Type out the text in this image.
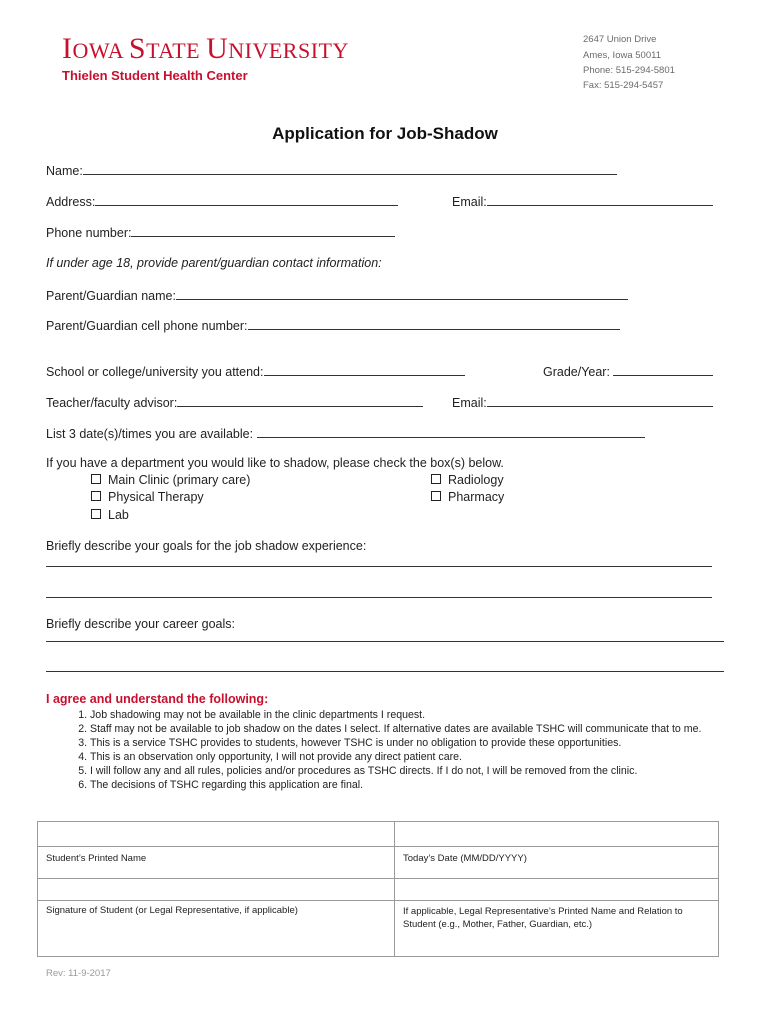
IOWA STATE UNIVERSITY
Thielen Student Health Center
2647 Union Drive
Ames, Iowa 50011
Phone: 515-294-5801
Fax: 515-294-5457
Application for Job-Shadow
Name:
Address:	Email:
Phone number:
If under age 18, provide parent/guardian contact information:
Parent/Guardian name:
Parent/Guardian cell phone number:
School or college/university you attend:	Grade/Year:
Teacher/faculty advisor:	Email:
List 3 date(s)/times you are available:
If you have a department you would like to shadow, please check the box(s) below.
Main Clinic (primary care)
Physical Therapy
Lab
Radiology
Pharmacy
Briefly describe your goals for the job shadow experience:
Briefly describe your career goals:
I agree and understand the following:
1. Job shadowing may not be available in the clinic departments I request.
2. Staff may not be available to job shadow on the dates I select. If alternative dates are available TSHC will communicate that to me.
3. This is a service TSHC provides to students, however TSHC is under no obligation to provide these opportunities.
4. This is an observation only opportunity, I will not provide any direct patient care.
5. I will follow any and all rules, policies and/or procedures as TSHC directs. If I do not, I will be removed from the clinic.
6. The decisions of TSHC regarding this application are final.

Student’s Printed Name	Today’s Date (MM/DD/YYYY)

Signature of Student (or Legal Representative, if applicable)	If applicable, Legal Representative’s Printed Name and Relation to Student (e.g., Mother, Father, Guardian, etc.)
Rev: 11-9-2017
